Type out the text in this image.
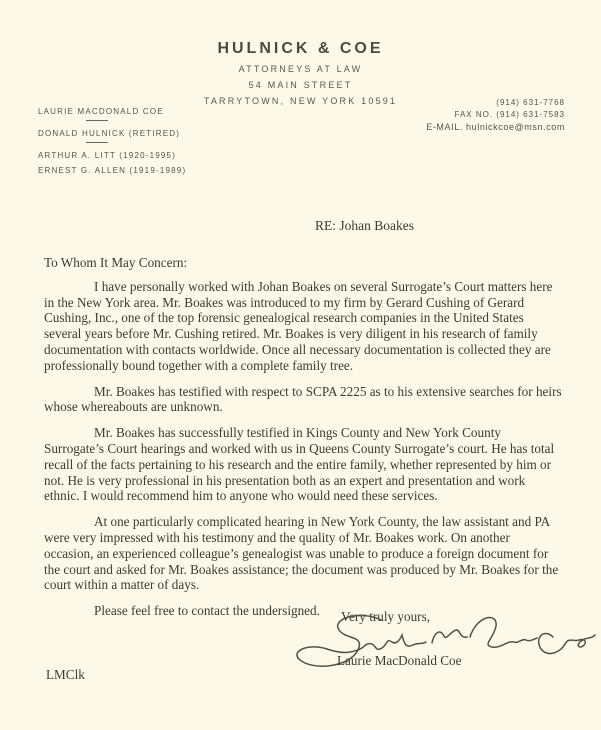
HULNICK & COE
ATTORNEYS AT LAW
54 MAIN STREET
TARRYTOWN, NEW YORK 10591
LAURIE MACDONALD COE
DONALD HULNICK (RETIRED)
ARTHUR A. LITT (1920-1995)
ERNEST G. ALLEN (1919-1989)
(914) 631-7768
FAX NO. (914) 631-7583
E-MAIL. hulnickcoe@msn.com
RE: Johan Boakes
To Whom It May Concern:

I have personally worked with Johan Boakes on several Surrogate’s Court matters here in the New York area. Mr. Boakes was introduced to my firm by Gerard Cushing of Gerard Cushing, Inc., one of the top forensic genealogical research companies in the United States several years before Mr. Cushing retired. Mr. Boakes is very diligent in his research of family documentation with contacts worldwide. Once all necessary documentation is collected they are professionally bound together with a complete family tree.

Mr. Boakes has testified with respect to SCPA 2225 as to his extensive searches for heirs whose whereabouts are unknown.

Mr. Boakes has successfully testified in Kings County and New York County Surrogate’s Court hearings and worked with us in Queens County Surrogate’s court. He has total recall of the facts pertaining to his research and the entire family, whether represented by him or not. He is very professional in his presentation both as an expert and presentation and work ethnic. I would recommend him to anyone who would need these services.

At one particularly complicated hearing in New York County, the law assistant and PA were very impressed with his testimony and the quality of Mr. Boakes work. On another occasion, an experienced colleague’s genealogist was unable to produce a foreign document for the court and asked for Mr. Boakes assistance; the document was produced by Mr. Boakes for the court within a matter of days.

Please feel free to contact the undersigned.	Very truly yours,
Laurie MacDonald Coe
LMClk
